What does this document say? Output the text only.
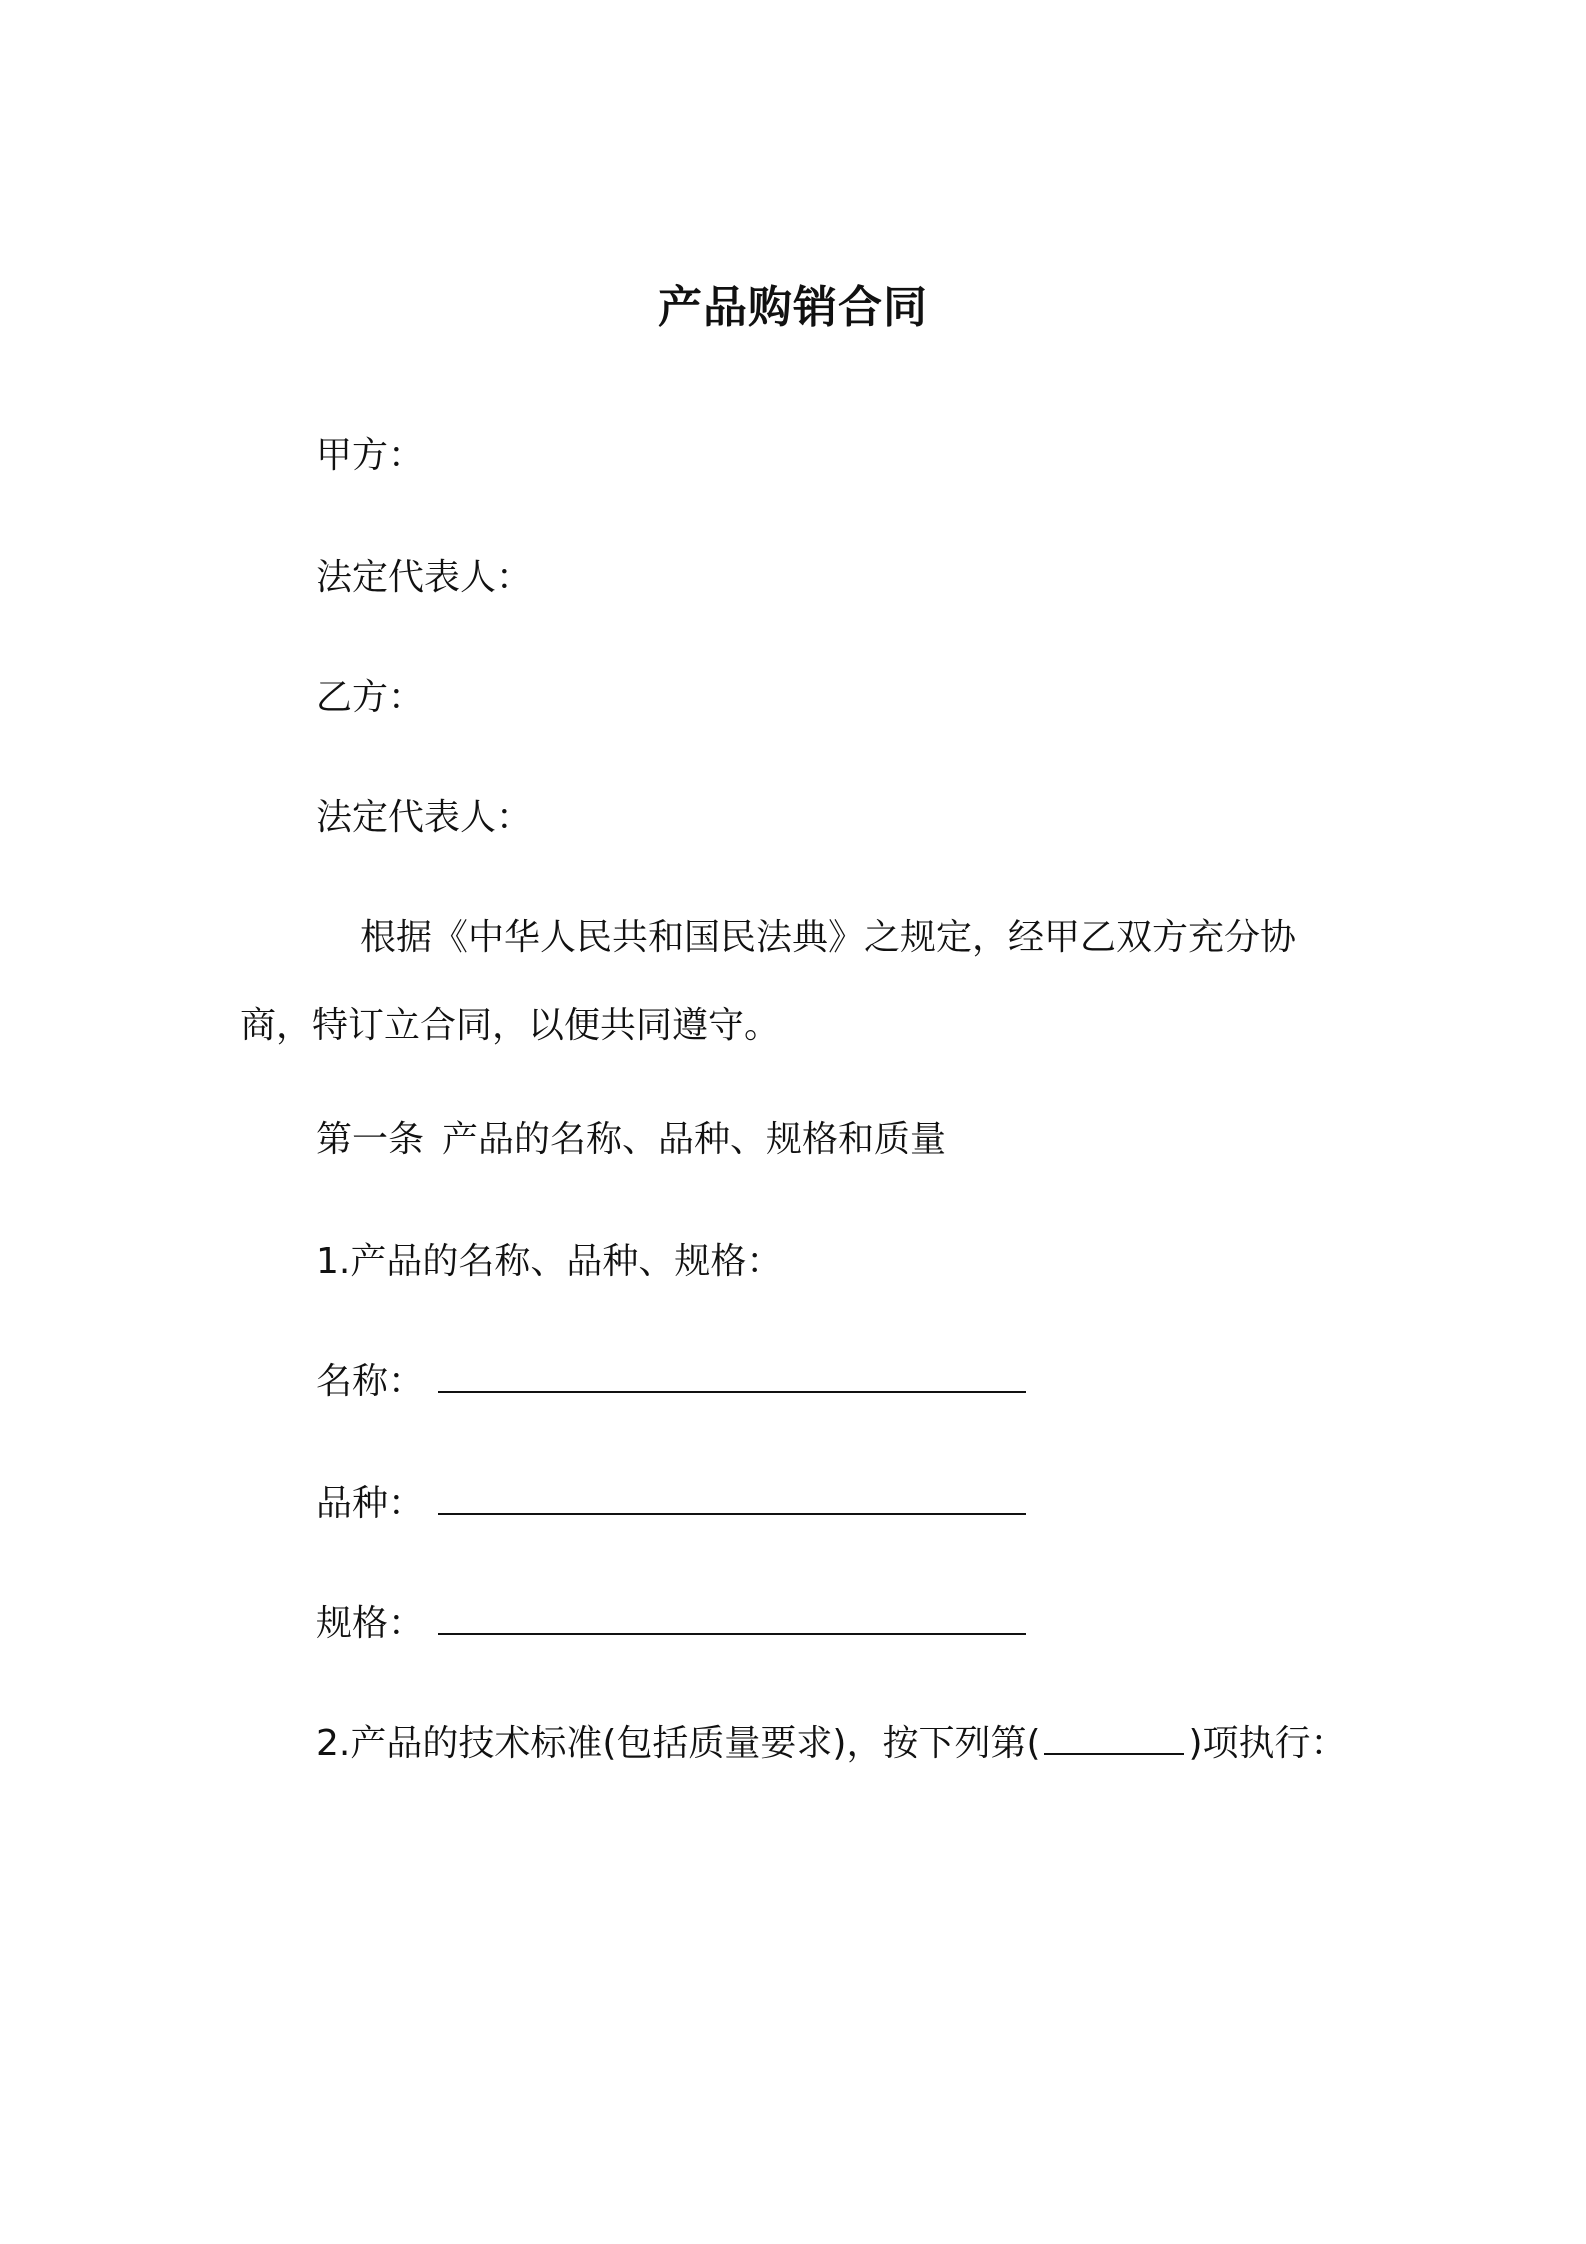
产品购销合同
甲方：
法定代表人：
乙方：
法定代表人：
根据《中华人民共和国民法典》之规定，经甲乙双方充分协
商，特订立合同，以便共同遵守。
第一条 产品的名称、品种、规格和质量
1.产品的名称、品种、规格：
名称：
品种：
规格：
2.产品的技术标准(包括质量要求)，按下列第(	)项执行：
